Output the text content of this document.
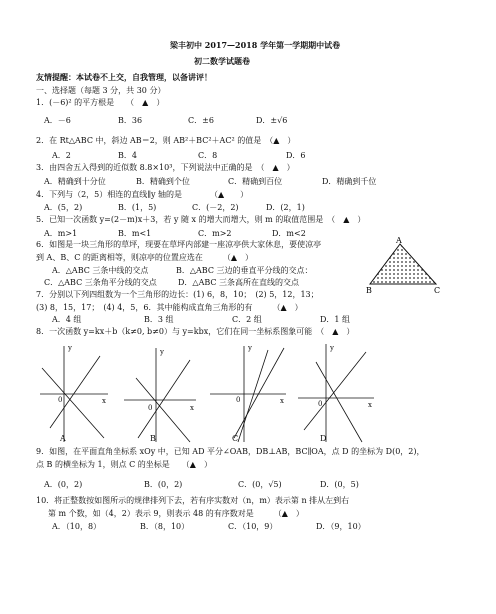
梁丰初中 2017—2018 学年第一学期期中试卷
初二数学试题卷
友情提醒：本试卷不上交，自我管理，以备讲评！
一、选择题（每题 3 分，共 30 分）
1．(－6)² 的平方根是　　（　▲　）
A．－6	B．36	C．±6	D．±√6
2．在 Rt△ABC 中，斜边 AB＝2，则 AB²＋BC²＋AC² 的值是　（▲　）
A．2	B．4	C．8	D．6
3．由四舍五入得到的近似数 8.8×10³，下列说法中正确的是　（　▲　）
A．精确到十分位	B．精确到个位	C．精确到百位	D．精确到千位
4．下列与（2，5）相连的直线∥y 轴的是　　　　（▲　　）
A．(5，2)	B．(1，5)	C．(－2，2)	D．(2，1)
5．已知一次函数 y=(2－m)x＋3，若 y 随 x 的增大而增大，则 m 的取值范围是　（　▲　）
A．m>1	B．m<1	C．m>2	D．m<2
6．如图是一块三角形的草坪，现要在草坪内部建一座凉亭供大家休息，要使凉亭
到 A、B、C 的距离相等，则凉亭的位置应选在　　　（▲　）
A．△ABC 三条中线的交点	B．△ABC 三边的垂直平分线的交点：
C．△ABC 三条角平分线的交点	D．△ABC 三条高所在直线的交点
A
B	C
7．分别以下列四组数为一个三角形的边长：(1) 6，8，10；　(2) 5，12，13；
(3) 8，15，17；　(4) 4，5，6．其中能构成直角三角形的有　　　（▲　）
A．4 组	B．3 组	C．2 组	D．1 组
8．一次函数 y=kx＋b（k≠0, b≠0）与 y=kbx，它们在同一坐标系图象可能　（　▲　）
y
x
0
y
x
0
y
x
0
y
x
0
A	B	C	D
9．如图，在平面直角坐标系 xOy 中，已知 AD 平分∠OAB，DB⊥AB，BC∥OA，点 D 的坐标为 D(0，2)，
点 B 的横坐标为 1，则点 C 的坐标是　　（▲　）
A．(0，2)	B．(0，2)	C．(0，√5)	D．(0，5)
10．将正整数按如图所示的规律排列下去，若有序实数对（n，m）表示第 n 排从左到右
第 m 个数，如（4，2）表示 9，则表示 48 的有序数对是　　　（▲　）
A．（10，8）	B．（8，10）	C．（10，9）	D．（9，10）
